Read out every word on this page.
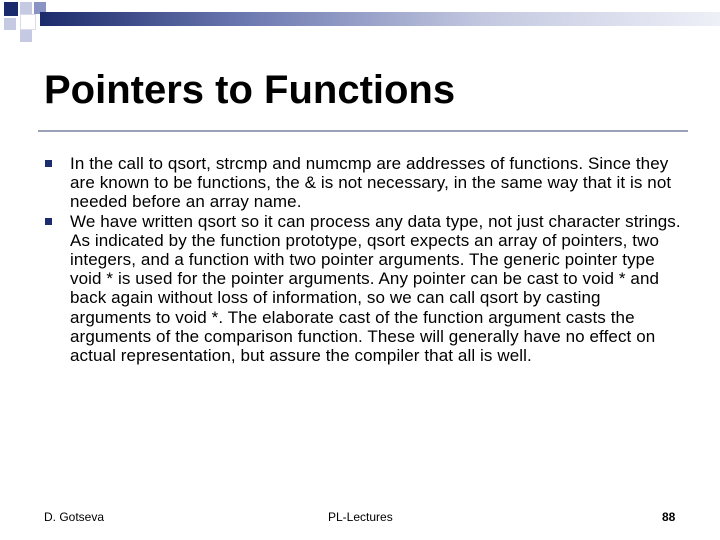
Pointers to Functions
In the call to qsort, strcmp and numcmp are addresses of functions. Since they are known to be functions, the & is not necessary, in the same way that it is not needed before an array name.
We have written qsort so it can process any data type, not just character strings. As indicated by the function prototype, qsort expects an array of pointers, two integers, and a function with two pointer arguments. The generic pointer type void * is used for the pointer arguments. Any pointer can be cast to void * and back again without loss of information, so we can call qsort by casting arguments to void *. The elaborate cast of the function argument casts the arguments of the comparison function. These will generally have no effect on actual representation, but assure the compiler that all is well.
D. Gotseva	PL-Lectures	88
